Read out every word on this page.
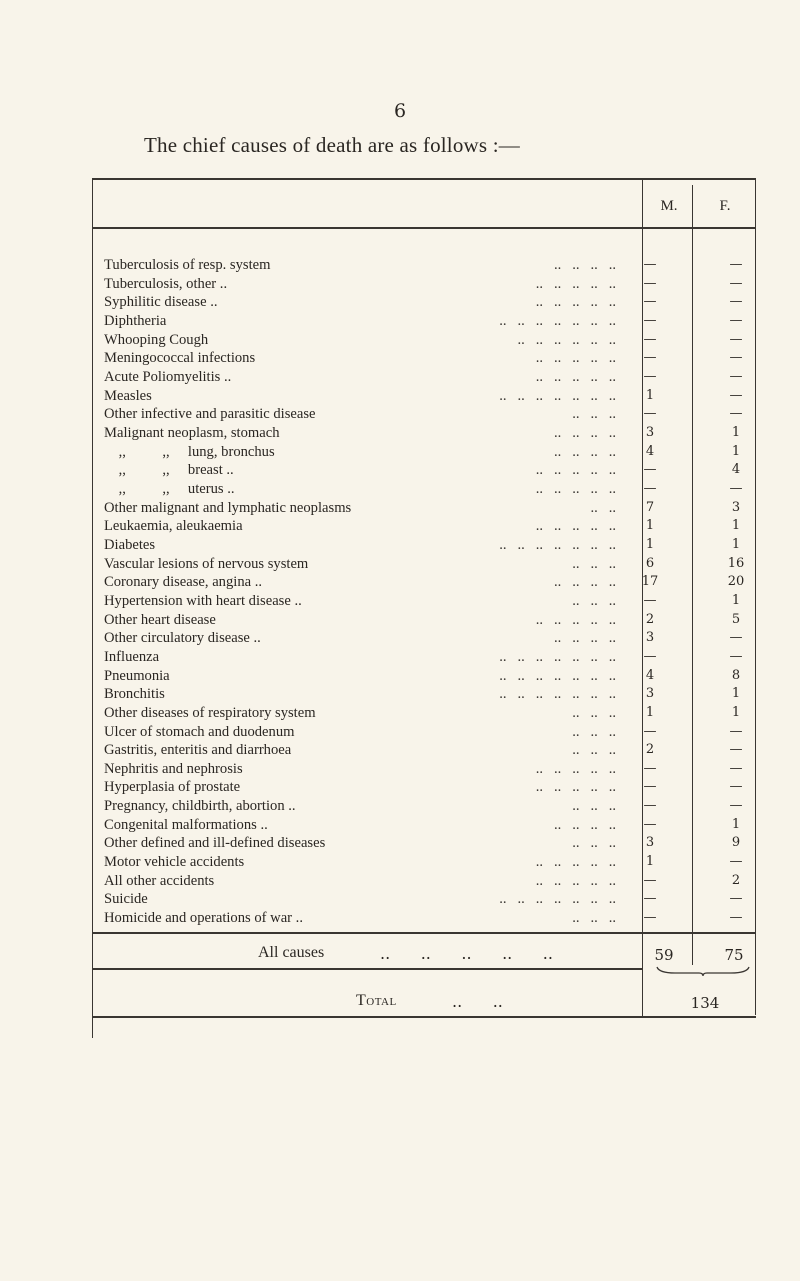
6
The chief causes of death are as follows :—
M.	F.
Tuberculosis of resp. system	..   ..   ..   ..	—	—
Tuberculosis, other ..	..   ..   ..   ..   ..	—	—
Syphilitic disease ..	..   ..   ..   ..   ..	—	—
Diphtheria	..   ..   ..   ..   ..   ..   ..	—	—
Whooping Cough	..   ..   ..   ..   ..   ..	—	—
Meningococcal infections	..   ..   ..   ..   ..	—	—
Acute Poliomyelitis ..	..   ..   ..   ..   ..	—	—
Measles	..   ..   ..   ..   ..   ..   ..	1	—
Other infective and parasitic disease	..   ..   ..	—	—
Malignant neoplasm, stomach	..   ..   ..   ..	3	1
,,          ,,     lung, bronchus	..   ..   ..   ..	4	1
,,          ,,     breast ..	..   ..   ..   ..   ..	—	4
,,          ,,     uterus ..	..   ..   ..   ..   ..	—	—
Other malignant and lymphatic neoplasms	..   ..	7	3
Leukaemia, aleukaemia	..   ..   ..   ..   ..	1	1
Diabetes	..   ..   ..   ..   ..   ..   ..	1	1
Vascular lesions of nervous system	..   ..   ..	6	16
Coronary disease, angina ..	..   ..   ..   ..	17	20
Hypertension with heart disease ..	..   ..   ..	—	1
Other heart disease	..   ..   ..   ..   ..	2	5
Other circulatory disease ..	..   ..   ..   ..	3	—
Influenza	..   ..   ..   ..   ..   ..   ..	—	—
Pneumonia	..   ..   ..   ..   ..   ..   ..	4	8
Bronchitis	..   ..   ..   ..   ..   ..   ..	3	1
Other diseases of respiratory system	..   ..   ..	1	1
Ulcer of stomach and duodenum	..   ..   ..	—	—
Gastritis, enteritis and diarrhoea	..   ..   ..	2	—
Nephritis and nephrosis	..   ..   ..   ..   ..	—	—
Hyperplasia of prostate	..   ..   ..   ..   ..	—	—
Pregnancy, childbirth, abortion ..	..   ..   ..	—	—
Congenital malformations ..	..   ..   ..   ..	—	1
Other defined and ill-defined diseases	..   ..   ..	3	9
Motor vehicle accidents	..   ..   ..   ..   ..	1	—
All other accidents	..   ..   ..   ..   ..	—	2
Suicide	..   ..   ..   ..   ..   ..   ..	—	—
Homicide and operations of war ..	..   ..   ..	—	—
All causes	..      ..      ..      ..      ..	59	75
Total	..      ..	134
